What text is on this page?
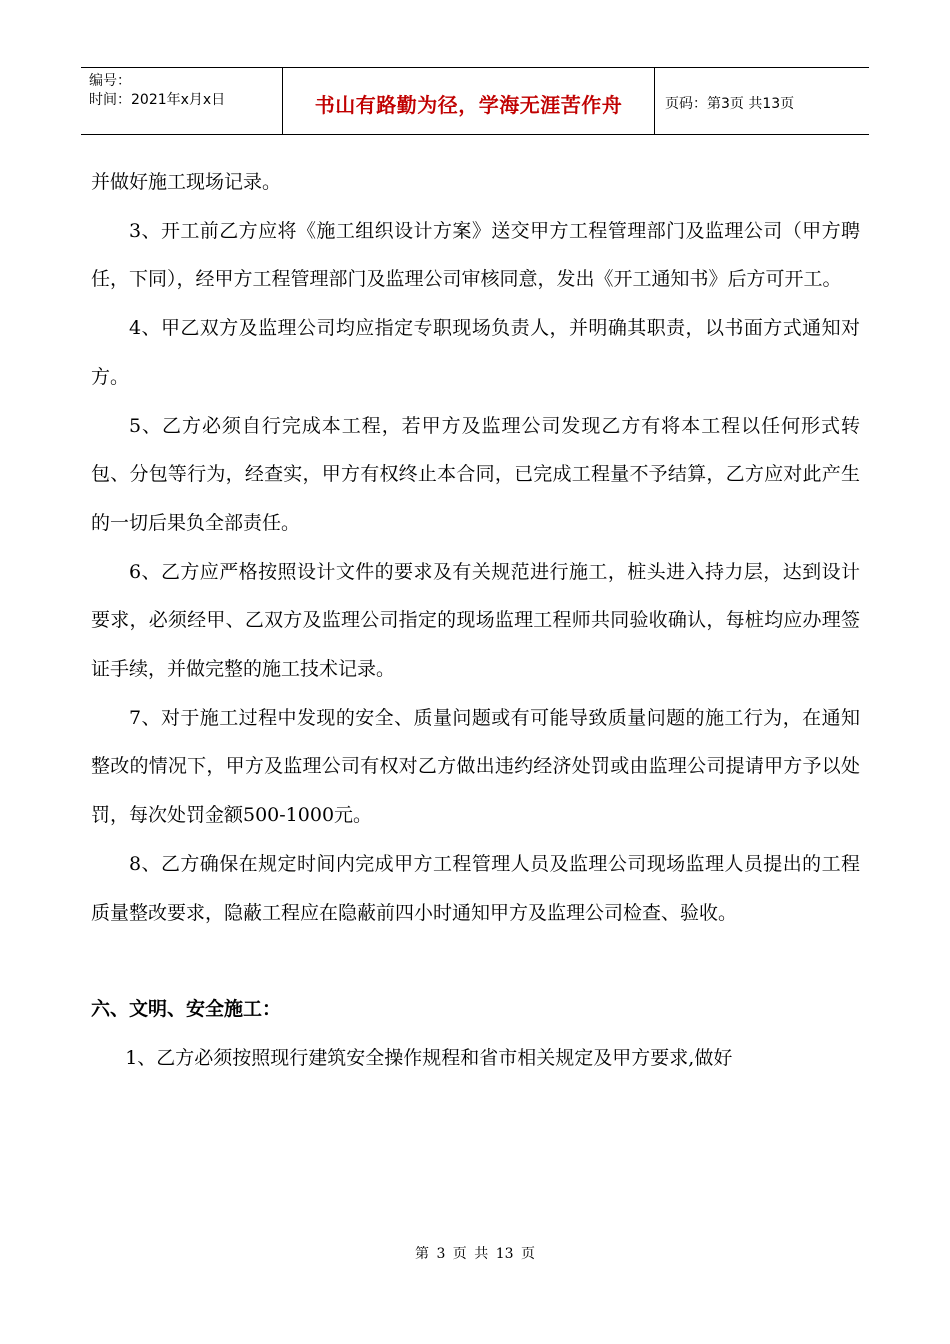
编号：
时间：2021年x月x日	书山有路勤为径，学海无涯苦作舟	页码：第3页 共13页

并做好施工现场记录。

3、开工前乙方应将《施工组织设计方案》送交甲方工程管理部门及监理公司（甲方聘任，下同），经甲方工程管理部门及监理公司审核同意，发出《开工通知书》后方可开工。

4、甲乙双方及监理公司均应指定专职现场负责人，并明确其职责，以书面方式通知对方。

5、乙方必须自行完成本工程，若甲方及监理公司发现乙方有将本工程以任何形式转包、分包等行为，经查实，甲方有权终止本合同，已完成工程量不予结算，乙方应对此产生的一切后果负全部责任。

6、乙方应严格按照设计文件的要求及有关规范进行施工，桩头进入持力层，达到设计要求，必须经甲、乙双方及监理公司指定的现场监理工程师共同验收确认，每桩均应办理签证手续，并做完整的施工技术记录。

7、对于施工过程中发现的安全、质量问题或有可能导致质量问题的施工行为，在通知整改的情况下，甲方及监理公司有权对乙方做出违约经济处罚或由监理公司提请甲方予以处罚，每次处罚金额500-1000元。

8、乙方确保在规定时间内完成甲方工程管理人员及监理公司现场监理人员提出的工程质量整改要求，隐蔽工程应在隐蔽前四小时通知甲方及监理公司检查、验收。

六、文明、安全施工：

1、乙方必须按照现行建筑安全操作规程和省市相关规定及甲方要求,做好

第 3 页 共 13 页
